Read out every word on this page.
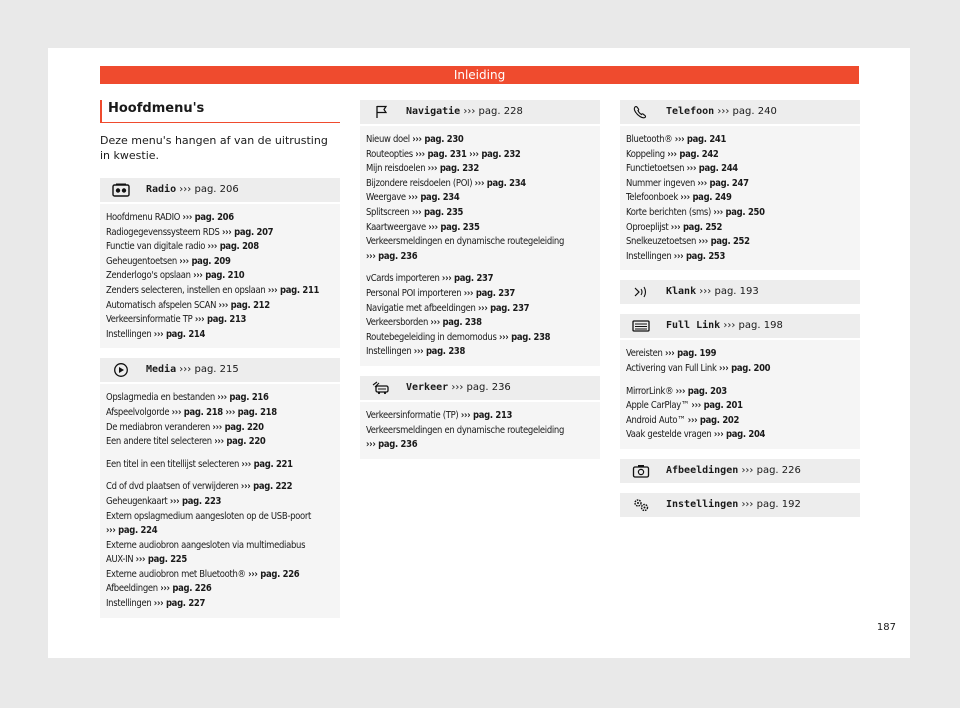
Inleiding
Hoofdmenu's
Deze menu's hangen af van de uitrusting in kwestie.
Radio ››› pag. 206
Hoofdmenu RADIO ››› pag. 206
Radiogegevenssysteem RDS ››› pag. 207
Functie van digitale radio ››› pag. 208
Geheugentoetsen ››› pag. 209
Zenderlogo's opslaan ››› pag. 210
Zenders selecteren, instellen en opslaan ››› pag. 211
Automatisch afspelen SCAN ››› pag. 212
Verkeersinformatie TP ››› pag. 213
Instellingen ››› pag. 214
Media ››› pag. 215
Opslagmedia en bestanden ››› pag. 216
Afspeelvolgorde ››› pag. 218 ››› pag. 218
De mediabron veranderen ››› pag. 220
Een andere titel selecteren ››› pag. 220
Een titel in een titellijst selecteren ››› pag. 221
Cd of dvd plaatsen of verwijderen ››› pag. 222
Geheugenkaart ››› pag. 223
Extern opslagmedium aangesloten op de USB-poort
››› pag. 224
Externe audiobron aangesloten via multimediabus
AUX-IN ››› pag. 225
Externe audiobron met Bluetooth® ››› pag. 226
Afbeeldingen ››› pag. 226
Instellingen ››› pag. 227
Navigatie ››› pag. 228
Nieuw doel ››› pag. 230
Routeopties ››› pag. 231 ››› pag. 232
Mijn reisdoelen ››› pag. 232
Bijzondere reisdoelen (POI) ››› pag. 234
Weergave ››› pag. 234
Splitscreen ››› pag. 235
Kaartweergave ››› pag. 235
Verkeersmeldingen en dynamische routegeleiding
››› pag. 236
vCards importeren ››› pag. 237
Personal POI importeren ››› pag. 237
Navigatie met afbeeldingen ››› pag. 237
Verkeersborden ››› pag. 238
Routebegeleiding in demomodus ››› pag. 238
Instellingen ››› pag. 238
Verkeer ››› pag. 236
Verkeersinformatie (TP) ››› pag. 213
Verkeersmeldingen en dynamische routegeleiding
››› pag. 236
Telefoon ››› pag. 240
Bluetooth® ››› pag. 241
Koppeling ››› pag. 242
Functietoetsen ››› pag. 244
Nummer ingeven ››› pag. 247
Telefoonboek ››› pag. 249
Korte berichten (sms) ››› pag. 250
Oproeplijst ››› pag. 252
Snelkeuzetoetsen ››› pag. 252
Instellingen ››› pag. 253
Klank ››› pag. 193
Full Link ››› pag. 198
Vereisten ››› pag. 199
Activering van Full Link ››› pag. 200
MirrorLink® ››› pag. 203
Apple CarPlay™ ››› pag. 201
Android Auto™ ››› pag. 202
Vaak gestelde vragen ››› pag. 204
Afbeeldingen ››› pag. 226
Instellingen ››› pag. 192
187
